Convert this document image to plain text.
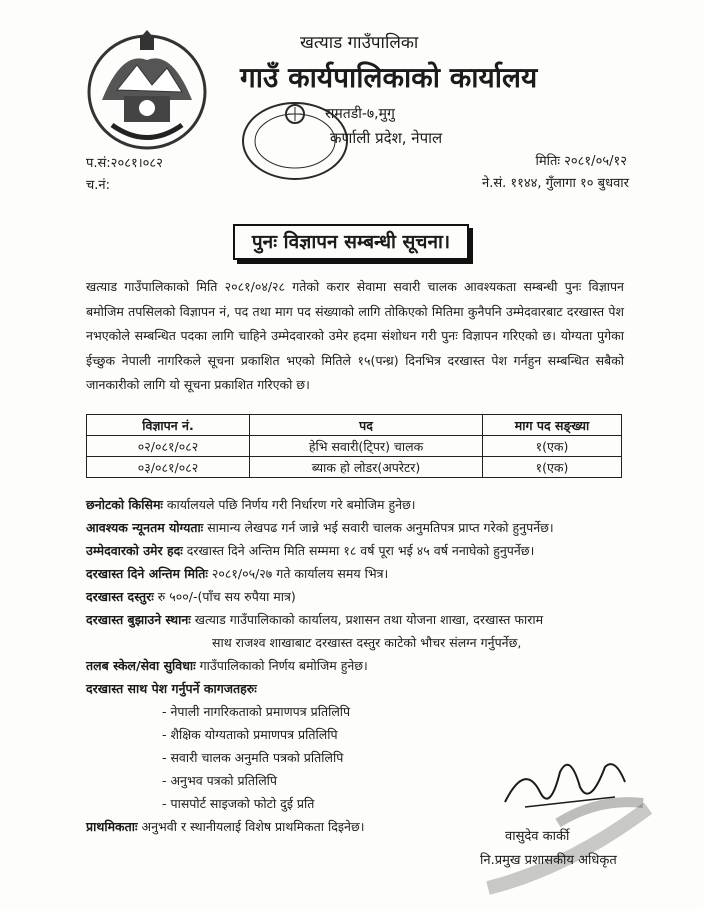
खत्याड गाउँपालिका
गाउँ कार्यपालिकाको कार्यालय
रामतडी-७,मुगु
कर्णाली प्रदेश, नेपाल
प.सं:२०८१।०८२
च.नं:
मितिः २०८१/०५/१२
ने.सं. ११४४, गुँलागा १० बुधवार
पुनः विज्ञापन सम्बन्धी सूचना।
खत्याड गाउँपालिकाको मिति २०८१/०४/२८ गतेको करार सेवामा सवारी चालक आवश्यकता सम्बन्धी पुनः विज्ञापन बमोजिम तपसिलको विज्ञापन नं, पद तथा माग पद संख्याको लागि तोकिएको मितिमा कुनैपनि उम्मेदवारबाट दरखास्त पेश नभएकोले सम्बन्धित पदका लागि चाहिने उम्मेदवारको उमेर हदमा संशोधन गरी पुनः विज्ञापन गरिएको छ। योग्यता पुगेका ईच्छुक नेपाली नागरिकले सूचना प्रकाशित भएको मितिले १५(पन्ध्र) दिनभित्र दरखास्त पेश गर्नहुन सम्बन्धित सबैको जानकारीको लागि यो सूचना प्रकाशित गरिएको छ।
विज्ञापन नं.	पद	माग पद सङ्ख्या
०२/०८१/०८२	हेभि सवारी(टि्पर) चालक	१(एक)
०३/०८१/०८२	ब्याक हो लोडर(अपरेटर)	१(एक)
छनोटको किसिमः कार्यालयले पछि निर्णय गरी निर्धारण गरे बमोजिम हुनेछ।
आवश्यक न्यूनतम योग्यताः सामान्य लेखपढ गर्न जान्ने भई सवारी चालक अनुमतिपत्र प्राप्त गरेको हुनुपर्नेछ।
उम्मेदवारको उमेर हदः दरखास्त दिने अन्तिम मिति सम्ममा १८ वर्ष पूरा भई ४५ वर्ष ननाघेको हुनुपर्नेछ।
दरखास्त दिने अन्तिम मितिः २०८१/०५/२७ गते कार्यालय समय भित्र।
दरखास्त दस्तुरः रु ५००/-(पाँच सय रुपैया मात्र)
दरखास्त बुझाउने स्थानः खत्याड गाउँपालिकाको कार्यालय, प्रशासन तथा योजना शाखा, दरखास्त फाराम
साथ राजश्व शाखाबाट दरखास्त दस्तुर काटेको भौचर संलग्न गर्नुपर्नेछ,
तलब स्केल/सेवा सुविधाः गाउँपालिकाको निर्णय बमोजिम हुनेछ।
दरखास्त साथ पेश गर्नुपर्ने कागजतहरुः
- नेपाली नागरिकताको प्रमाणपत्र प्रतिलिपि
- शैक्षिक योग्यताको प्रमाणपत्र प्रतिलिपि
- सवारी चालक अनुमति पत्रको प्रतिलिपि
- अनुभव पत्रको प्रतिलिपि
- पासपोर्ट साइजको फोटो दुई प्रति
प्राथमिकताः अनुभवी र स्थानीयलाई विशेष प्राथमिकता दिइनेछ।
वासुदेव कार्की
नि.प्रमुख प्रशासकीय अधिकृत
